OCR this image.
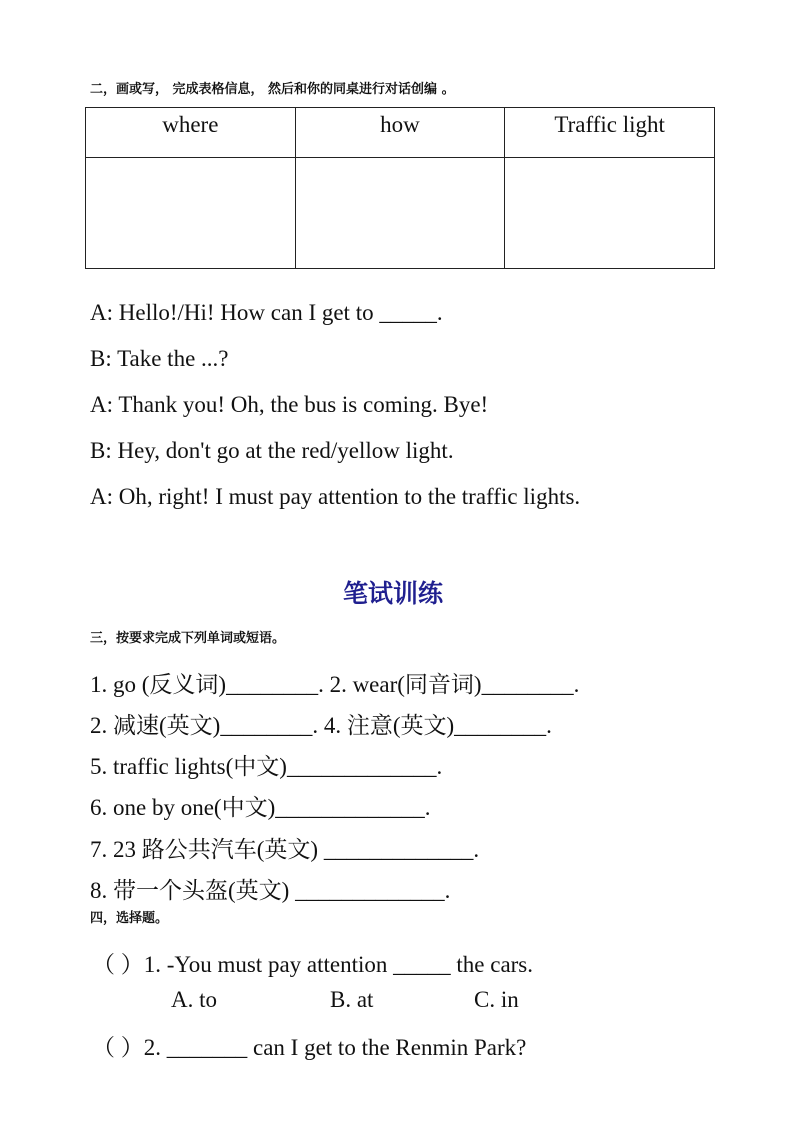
二，画或写， 完成表格信息， 然后和你的同桌进行对话创编 。
where	how	Traffic light

A: Hello!/Hi! How can I get to _____.
B: Take the ...?
A: Thank you! Oh, the bus is coming. Bye!
B: Hey, don't go at the red/yellow light.
A: Oh, right! I must pay attention to the traffic lights.
笔试训练
三，按要求完成下列单词或短语。
1. go (反义词)________. 2. wear(同音词)________.
2. 减速(英文)________. 4. 注意(英文)________.
5. traffic lights(中文)_____________.
6. one by one(中文)_____________.
7. 23 路公共汽车(英文) _____________.
8. 带一个头盔(英文) _____________.
四，选择题。
（ ）1. -You must pay attention _____ the cars.
A. to	B. at	C. in
（ ）2. _______ can I get to the Renmin Park?
